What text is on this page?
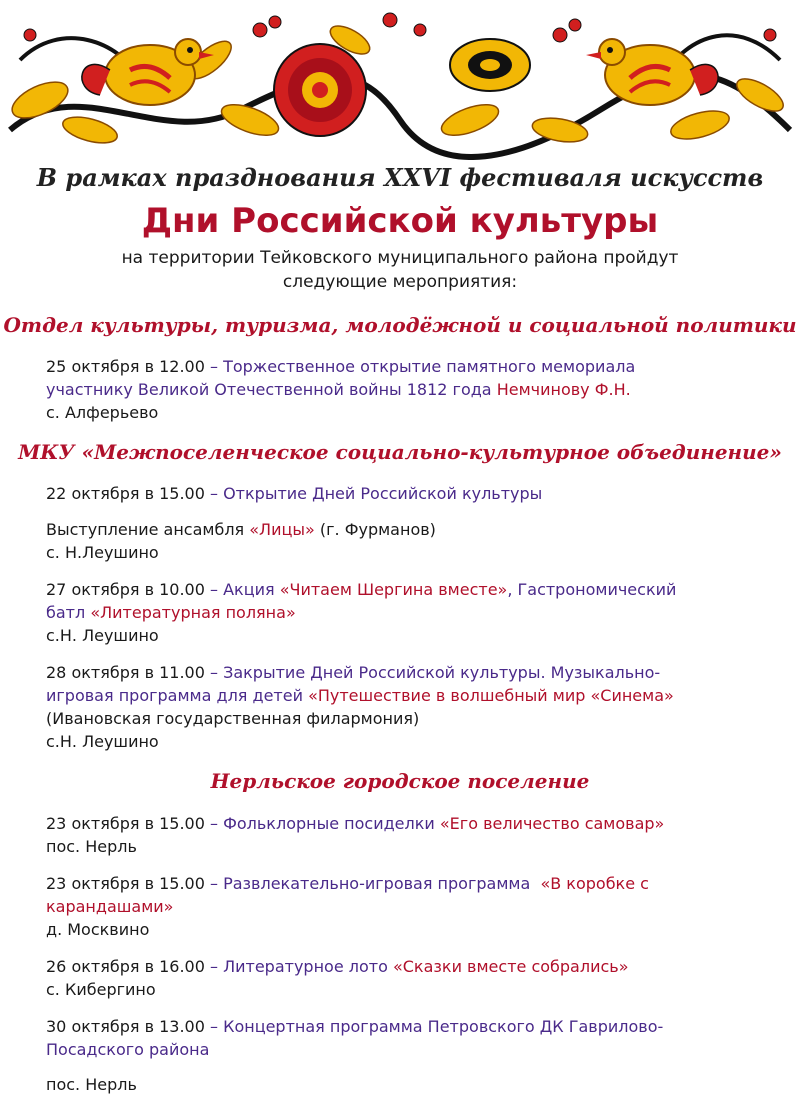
В рамках празднования XXVI фестиваля искусств
Дни Российской культуры
на территории Тейковского муниципального района пройдут
следующие мероприятия:
Отдел культуры, туризма, молодёжной и социальной политики
25 октября в 12.00 – Торжественное открытие памятного мемориала
участнику Великой Отечественной войны 1812 года Немчинову Ф.Н.
с. Алферьево
МКУ «Межпоселенческое социально-культурное объединение»
22 октября в 15.00 – Открытие Дней Российской культуры
Выступление ансамбля «Лицы» (г. Фурманов)
с. Н.Леушино
27 октября в 10.00 – Акция «Читаем Шергина вместе», Гастрономический
батл «Литературная поляна»
с.Н. Леушино
28 октября в 11.00 – Закрытие Дней Российской культуры. Музыкально-
игровая программа для детей «Путешествие в волшебный мир «Синема»
(Ивановская государственная филармония)
с.Н. Леушино
Нерльское городское поселение
23 октября в 15.00 – Фольклорные посиделки «Его величество самовар»
пос. Нерль
23 октября в 15.00 – Развлекательно-игровая программа  «В коробке с
карандашами»
д. Москвино
26 октября в 16.00 – Литературное лото «Сказки вместе собрались»
с. Кибергино
30 октября в 13.00 – Концертная программа Петровского ДК Гаврилово-
Посадского района
пос. Нерль
